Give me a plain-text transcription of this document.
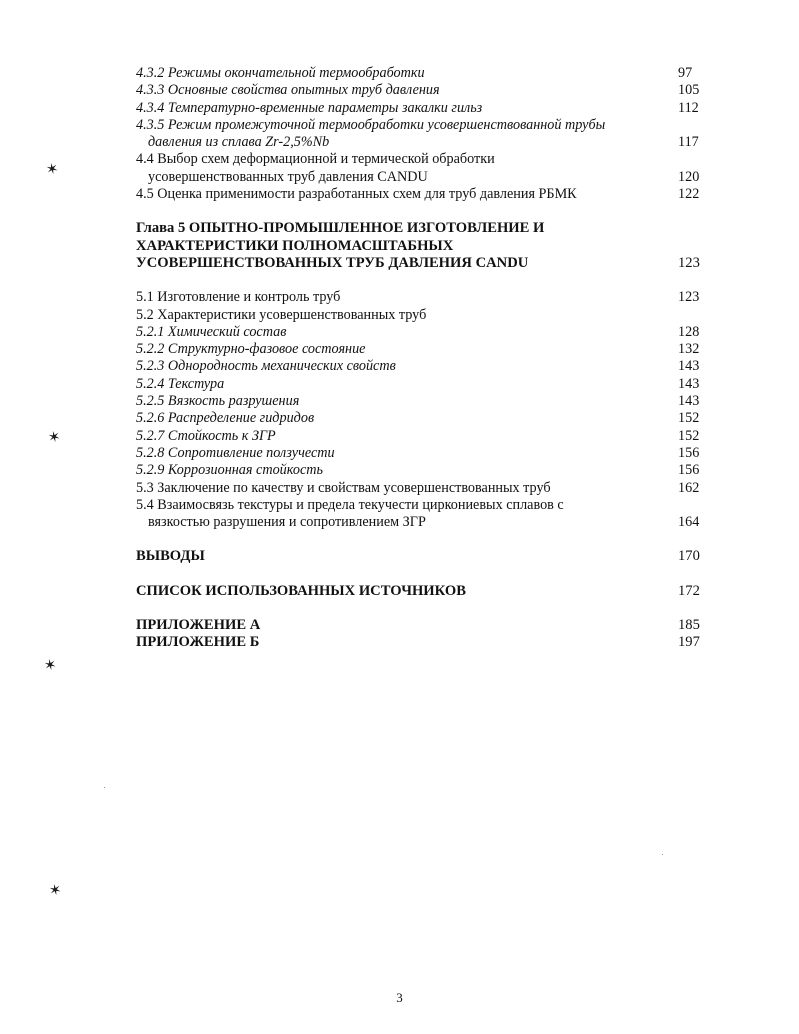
4.3.2 Режимы окончательной термообработки	97
4.3.3 Основные свойства опытных труб давления	105
4.3.4 Температурно-временные параметры закалки гильз	112
4.3.5 Режим промежуточной термообработки усовершенствованной трубы
давления из сплава Zr-2,5%Nb	117
4.4 Выбор схем деформационной и термической обработки
усовершенствованных труб давления CANDU	120
4.5 Оценка применимости разработанных схем для труб давления РБМК	122
Глава 5 ОПЫТНО-ПРОМЫШЛЕННОЕ ИЗГОТОВЛЕНИЕ И
ХАРАКТЕРИСТИКИ ПОЛНОМАСШТАБНЫХ
УСОВЕРШЕНСТВОВАННЫХ ТРУБ ДАВЛЕНИЯ CANDU	123
5.1 Изготовление и контроль труб	123
5.2 Характеристики усовершенствованных труб
5.2.1 Химический состав	128
5.2.2 Структурно-фазовое состояние	132
5.2.3 Однородность механических свойств	143
5.2.4 Текстура	143
5.2.5 Вязкость разрушения	143
5.2.6 Распределение гидридов	152
5.2.7 Стойкость к ЗГР	152
5.2.8 Сопротивление ползучести	156
5.2.9 Коррозионная стойкость	156
5.3 Заключение по качеству и свойствам усовершенствованных труб	162
5.4 Взаимосвязь текстуры и предела текучести циркониевых сплавов с
вязкостью разрушения и сопротивлением ЗГР	164
ВЫВОДЫ	170
СПИСОК ИСПОЛЬЗОВАННЫХ ИСТОЧНИКОВ	172
ПРИЛОЖЕНИЕ А	185
ПРИЛОЖЕНИЕ Б	197
✶
✶
✶
✶
3
